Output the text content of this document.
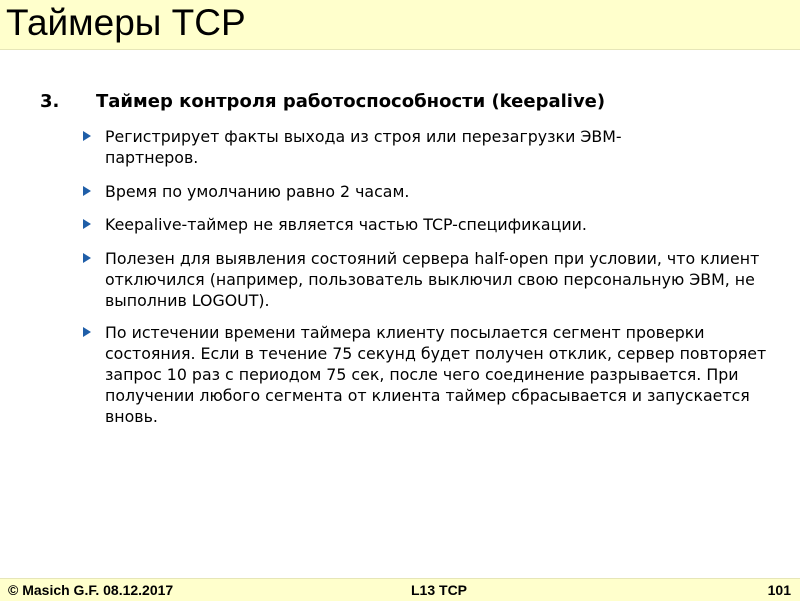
Таймеры TCP
3. Таймер контроля работоспособности (keepalive)
Регистрирует факты выхода из строя или перезагрузки ЭВМ-партнеров.
Время по умолчанию равно 2 часам.
Keepalive-таймер не является частью TCP-спецификации.
Полезен для выявления состояний сервера half-open при условии, что клиент отключился (например, пользователь выключил свою персональную ЭВМ, не выполнив LOGOUT).
По истечении времени таймера клиенту посылается сегмент проверки состояния. Если в течение 75 секунд будет получен отклик, сервер повторяет запрос 10 раз с периодом 75 сек, после чего соединение разрывается. При получении любого сегмента от клиента таймер сбрасывается и запускается вновь.
© Masich G.F. 08.12.2017	L13 TCP	101
